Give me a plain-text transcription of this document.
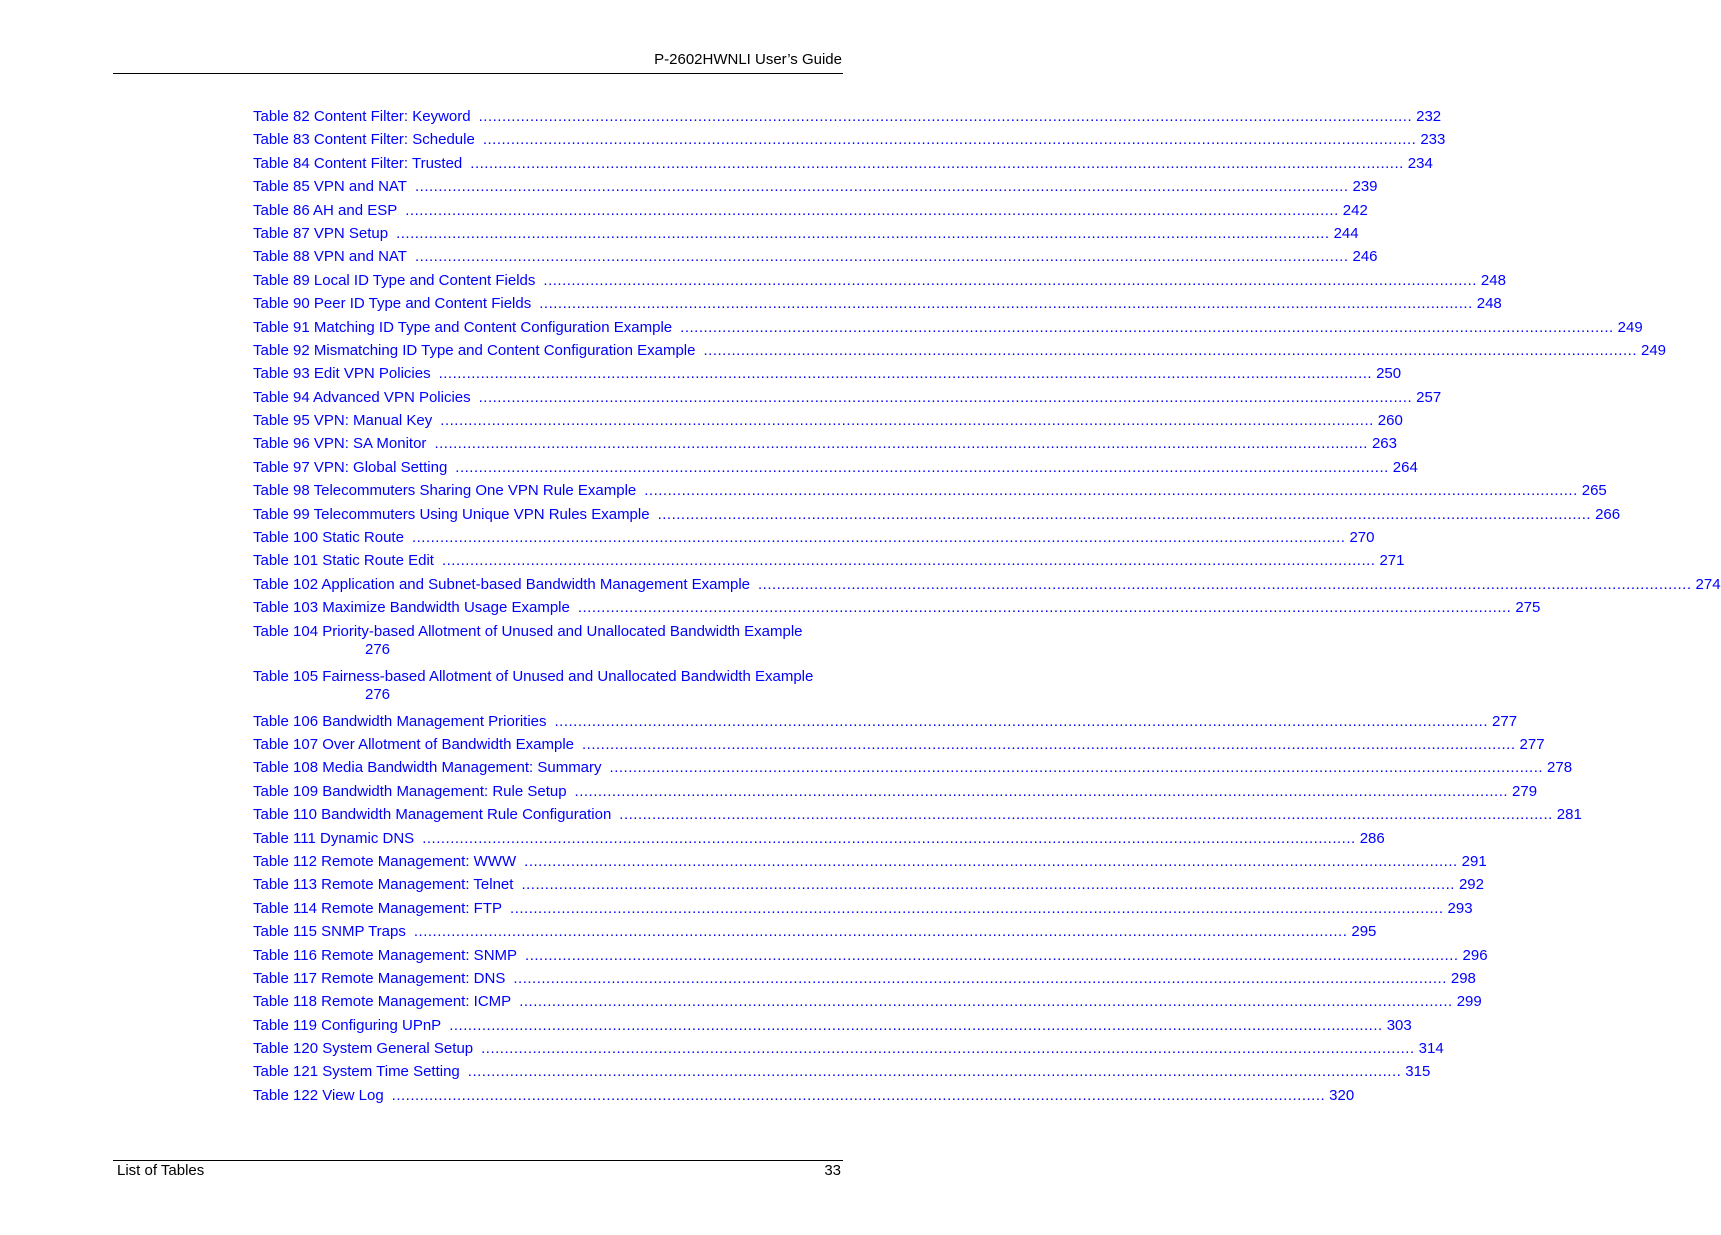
P-2602HWNLI User’s Guide
Table 82 Content Filter: Keyword ........................................................................................................................................................................................................ 232
Table 83 Content Filter: Schedule ........................................................................................................................................................................................................ 233
Table 84 Content Filter: Trusted ........................................................................................................................................................................................................ 234
Table 85 VPN and NAT ........................................................................................................................................................................................................ 239
Table 86 AH and ESP ........................................................................................................................................................................................................ 242
Table 87 VPN Setup ........................................................................................................................................................................................................ 244
Table 88 VPN and NAT ........................................................................................................................................................................................................ 246
Table 89 Local ID Type and Content Fields ........................................................................................................................................................................................................ 248
Table 90 Peer ID Type and Content Fields ........................................................................................................................................................................................................ 248
Table 91 Matching ID Type and Content Configuration Example ........................................................................................................................................................................................................ 249
Table 92 Mismatching ID Type and Content Configuration Example ........................................................................................................................................................................................................ 249
Table 93 Edit VPN Policies ........................................................................................................................................................................................................ 250
Table 94 Advanced VPN Policies ........................................................................................................................................................................................................ 257
Table 95 VPN: Manual Key ........................................................................................................................................................................................................ 260
Table 96 VPN: SA Monitor ........................................................................................................................................................................................................ 263
Table 97 VPN: Global Setting ........................................................................................................................................................................................................ 264
Table 98 Telecommuters Sharing One VPN Rule Example ........................................................................................................................................................................................................ 265
Table 99 Telecommuters Using Unique VPN Rules Example ........................................................................................................................................................................................................ 266
Table 100 Static Route ........................................................................................................................................................................................................ 270
Table 101 Static Route Edit ........................................................................................................................................................................................................ 271
Table 102 Application and Subnet-based Bandwidth Management Example ........................................................................................................................................................................................................ 274
Table 103 Maximize Bandwidth Usage Example ........................................................................................................................................................................................................ 275
Table 104 Priority-based Allotment of Unused and Unallocated Bandwidth Example
276
Table 105 Fairness-based Allotment of Unused and Unallocated Bandwidth Example
276
Table 106 Bandwidth Management Priorities ........................................................................................................................................................................................................ 277
Table 107 Over Allotment of Bandwidth Example ........................................................................................................................................................................................................ 277
Table 108 Media Bandwidth Management: Summary ........................................................................................................................................................................................................ 278
Table 109 Bandwidth Management: Rule Setup ........................................................................................................................................................................................................ 279
Table 110 Bandwidth Management Rule Configuration ........................................................................................................................................................................................................ 281
Table 111 Dynamic DNS ........................................................................................................................................................................................................ 286
Table 112 Remote Management: WWW ........................................................................................................................................................................................................ 291
Table 113 Remote Management: Telnet ........................................................................................................................................................................................................ 292
Table 114 Remote Management: FTP ........................................................................................................................................................................................................ 293
Table 115 SNMP Traps ........................................................................................................................................................................................................ 295
Table 116 Remote Management: SNMP ........................................................................................................................................................................................................ 296
Table 117 Remote Management: DNS ........................................................................................................................................................................................................ 298
Table 118 Remote Management: ICMP ........................................................................................................................................................................................................ 299
Table 119 Configuring UPnP ........................................................................................................................................................................................................ 303
Table 120 System General Setup ........................................................................................................................................................................................................ 314
Table 121 System Time Setting ........................................................................................................................................................................................................ 315
Table 122 View Log ........................................................................................................................................................................................................ 320
List of Tables	33
